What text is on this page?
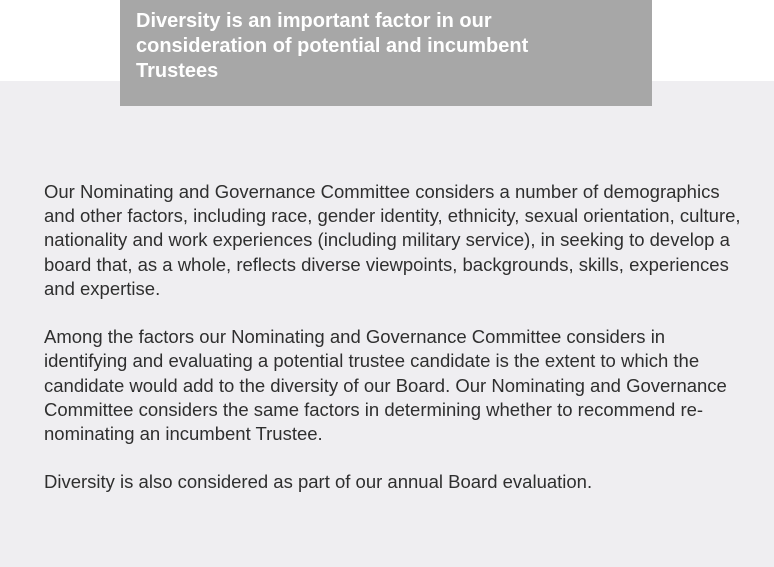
Diversity is an important factor in our consideration of potential and incumbent Trustees

Our Nominating and Governance Committee considers a number of demographics and other factors, including race, gender identity, ethnicity, sexual orientation, culture, nationality and work experiences (including military service), in seeking to develop a board that, as a whole, reflects diverse viewpoints, backgrounds, skills, experiences and expertise.

Among the factors our Nominating and Governance Committee considers in identifying and evaluating a potential trustee candidate is the extent to which the candidate would add to the diversity of our Board. Our Nominating and Governance Committee considers the same factors in determining whether to recommend re-nominating an incumbent Trustee.

Diversity is also considered as part of our annual Board evaluation.
